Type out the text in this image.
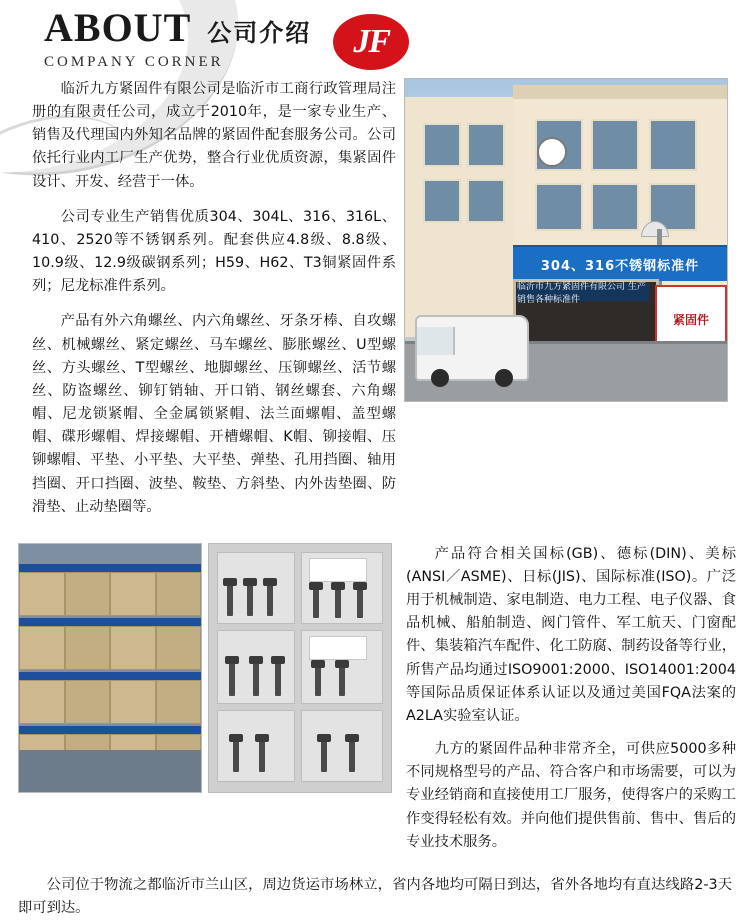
ABOUT 公司介绍
COMPANY CORNER
JF

临沂九方紧固件有限公司是临沂市工商行政管理局注册的有限责任公司，成立于2010年，是一家专业生产、销售及代理国内外知名品牌的紧固件配套服务公司。公司依托行业内工厂生产优势，整合行业优质资源，集紧固件设计、开发、经营于一体。

公司专业生产销售优质304、304L、316、316L、410、2520等不锈钢系列。配套供应4.8级、8.8级、10.9级、12.9级碳钢系列；H59、H62、T3铜紧固件系列；尼龙标准件系列。

产品有外六角螺丝、内六角螺丝、牙条牙棒、自攻螺丝、机械螺丝、紧定螺丝、马车螺丝、膨胀螺丝、U型螺丝、方头螺丝、T型螺丝、地脚螺丝、压铆螺丝、活节螺丝、防盗螺丝、铆钉销轴、开口销、钢丝螺套、六角螺帽、尼龙锁紧帽、全金属锁紧帽、法兰面螺帽、盖型螺帽、碟形螺帽、焊接螺帽、开槽螺帽、K帽、铆接帽、压铆螺帽、平垫、小平垫、大平垫、弹垫、孔用挡圈、轴用挡圈、开口挡圈、波垫、鞍垫、方斜垫、内外齿垫圈、防滑垫、止动垫圈等。

304、316不锈钢标准件
临沂市九方紧固件有限公司 生产销售各种标准件
紧固件

产品符合相关国标(GB)、德标(DIN)、美标(ANSI／ASME)、日标(JIS)、国际标准(ISO)。广泛用于机械制造、家电制造、电力工程、电子仪器、食品机械、船舶制造、阀门管件、军工航天、门窗配件、集装箱汽车配件、化工防腐、制药设备等行业，所售产品均通过ISO9001:2000、ISO14001:2004等国际品质保证体系认证以及通过美国FQA法案的A2LA实验室认证。

九方的紧固件品种非常齐全，可供应5000多种不同规格型号的产品、符合客户和市场需要，可以为专业经销商和直接使用工厂服务，使得客户的采购工作变得轻松有效。并向他们提供售前、售中、售后的专业技术服务。

公司位于物流之都临沂市兰山区，周边货运市场林立，省内各地均可隔日到达，省外各地均有直达线路2-3天即可到达。
